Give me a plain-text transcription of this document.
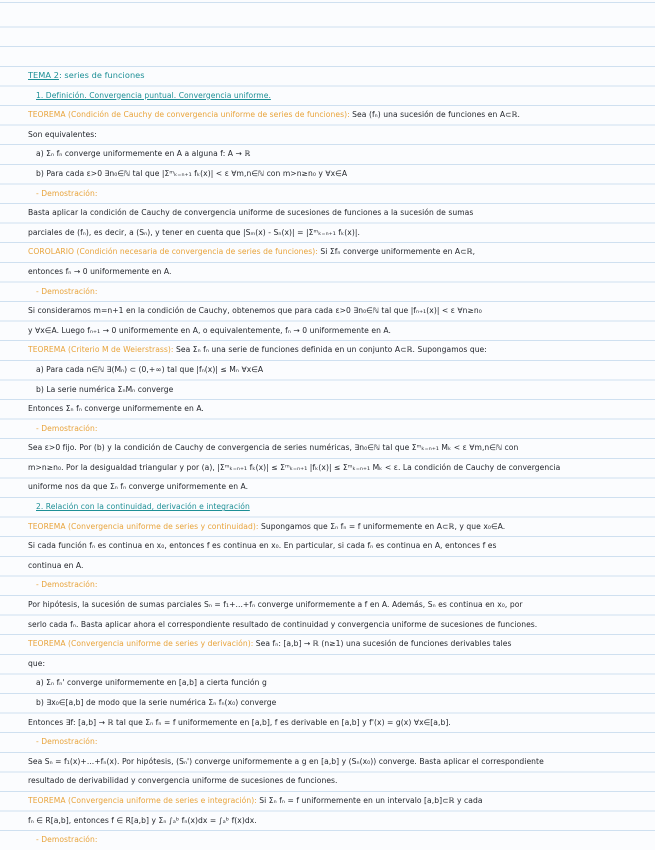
TEMA 2: series de funciones
1. Definición. Convergencia puntual. Convergencia uniforme.
TEOREMA (Condición de Cauchy de convergencia uniforme de series de funciones): Sea (fₙ) una sucesión de funciones en A⊂ℝ.
Son equivalentes:
a) Σₙ fₙ converge uniformemente en A a alguna f: A → ℝ
b) Para cada ε>0 ∃n₀∈ℕ tal que |Σᵐₖ₌ₙ₊₁ fₖ(x)| < ε ∀m,n∈ℕ con m>n≥n₀ y ∀x∈A
- Demostración:
Basta aplicar la condición de Cauchy de convergencia uniforme de sucesiones de funciones a la sucesión de sumas
parciales de (fₙ), es decir, a (Sₙ), y tener en cuenta que |Sₘ(x) - Sₙ(x)| = |Σᵐₖ₌ₙ₊₁ fₖ(x)|.
COROLARIO (Condición necesaria de convergencia de series de funciones): Si Σfₙ converge uniformemente en A⊂ℝ,
entonces fₙ → 0 uniformemente en A.
- Demostración:
Si consideramos m=n+1 en la condición de Cauchy, obtenemos que para cada ε>0 ∃n₀∈ℕ tal que |fₙ₊₁(x)| < ε ∀n≥n₀
y ∀x∈A. Luego fₙ₊₁ → 0 uniformemente en A, o equivalentemente, fₙ → 0 uniformemente en A.
TEOREMA (Criterio M de Weierstrass): Sea Σₙ fₙ una serie de funciones definida en un conjunto A⊂ℝ. Supongamos que:
a) Para cada n∈ℕ ∃(Mₙ) ⊂ (0,+∞) tal que |fₙ(x)| ≤ Mₙ ∀x∈A
b) La serie numérica ΣₙMₙ converge
Entonces Σₙ fₙ converge uniformemente en A.
- Demostración:
Sea ε>0 fijo. Por (b) y la condición de Cauchy de convergencia de series numéricas, ∃n₀∈ℕ tal que Σᵐₖ₌ₙ₊₁ Mₖ < ε ∀m,n∈ℕ con
m>n≥n₀. Por la desigualdad triangular y por (a), |Σᵐₖ₌ₙ₊₁ fₖ(x)| ≤ Σᵐₖ₌ₙ₊₁ |fₖ(x)| ≤ Σᵐₖ₌ₙ₊₁ Mₖ < ε. La condición de Cauchy de convergencia
uniforme nos da que Σₙ fₙ converge uniformemente en A.
2. Relación con la continuidad, derivación e integración
TEOREMA (Convergencia uniforme de series y continuidad): Supongamos que Σₙ fₙ = f uniformemente en A⊂ℝ, y que x₀∈A.
Si cada función fₙ es continua en x₀, entonces f es continua en x₀. En particular, si cada fₙ es continua en A, entonces f es
continua en A.
- Demostración:
Por hipótesis, la sucesión de sumas parciales Sₙ = f₁+...+fₙ converge uniformemente a f en A. Además, Sₙ es continua en x₀, por
serlo cada fₙ. Basta aplicar ahora el correspondiente resultado de continuidad y convergencia uniforme de sucesiones de funciones.
TEOREMA (Convergencia uniforme de series y derivación): Sea fₙ: [a,b] → ℝ (n≥1) una sucesión de funciones derivables tales
que:
a) Σₙ fₙ' converge uniformemente en [a,b] a cierta función g
b) ∃x₀∈[a,b] de modo que la serie numérica Σₙ fₙ(x₀) converge
Entonces ∃f: [a,b] → ℝ tal que Σₙ fₙ = f uniformemente en [a,b], f es derivable en [a,b] y f'(x) = g(x) ∀x∈[a,b].
- Demostración:
Sea Sₙ = f₁(x)+...+fₙ(x). Por hipótesis, (Sₙ') converge uniformemente a g en [a,b] y (Sₙ(x₀)) converge. Basta aplicar el correspondiente
resultado de derivabilidad y convergencia uniforme de sucesiones de funciones.
TEOREMA (Convergencia uniforme de series e integración): Si Σₙ fₙ = f uniformemente en un intervalo [a,b]⊂ℝ y cada
fₙ ∈ R[a,b], entonces f ∈ R[a,b] y Σₙ ∫ₐᵇ fₙ(x)dx = ∫ₐᵇ f(x)dx.
- Demostración:
